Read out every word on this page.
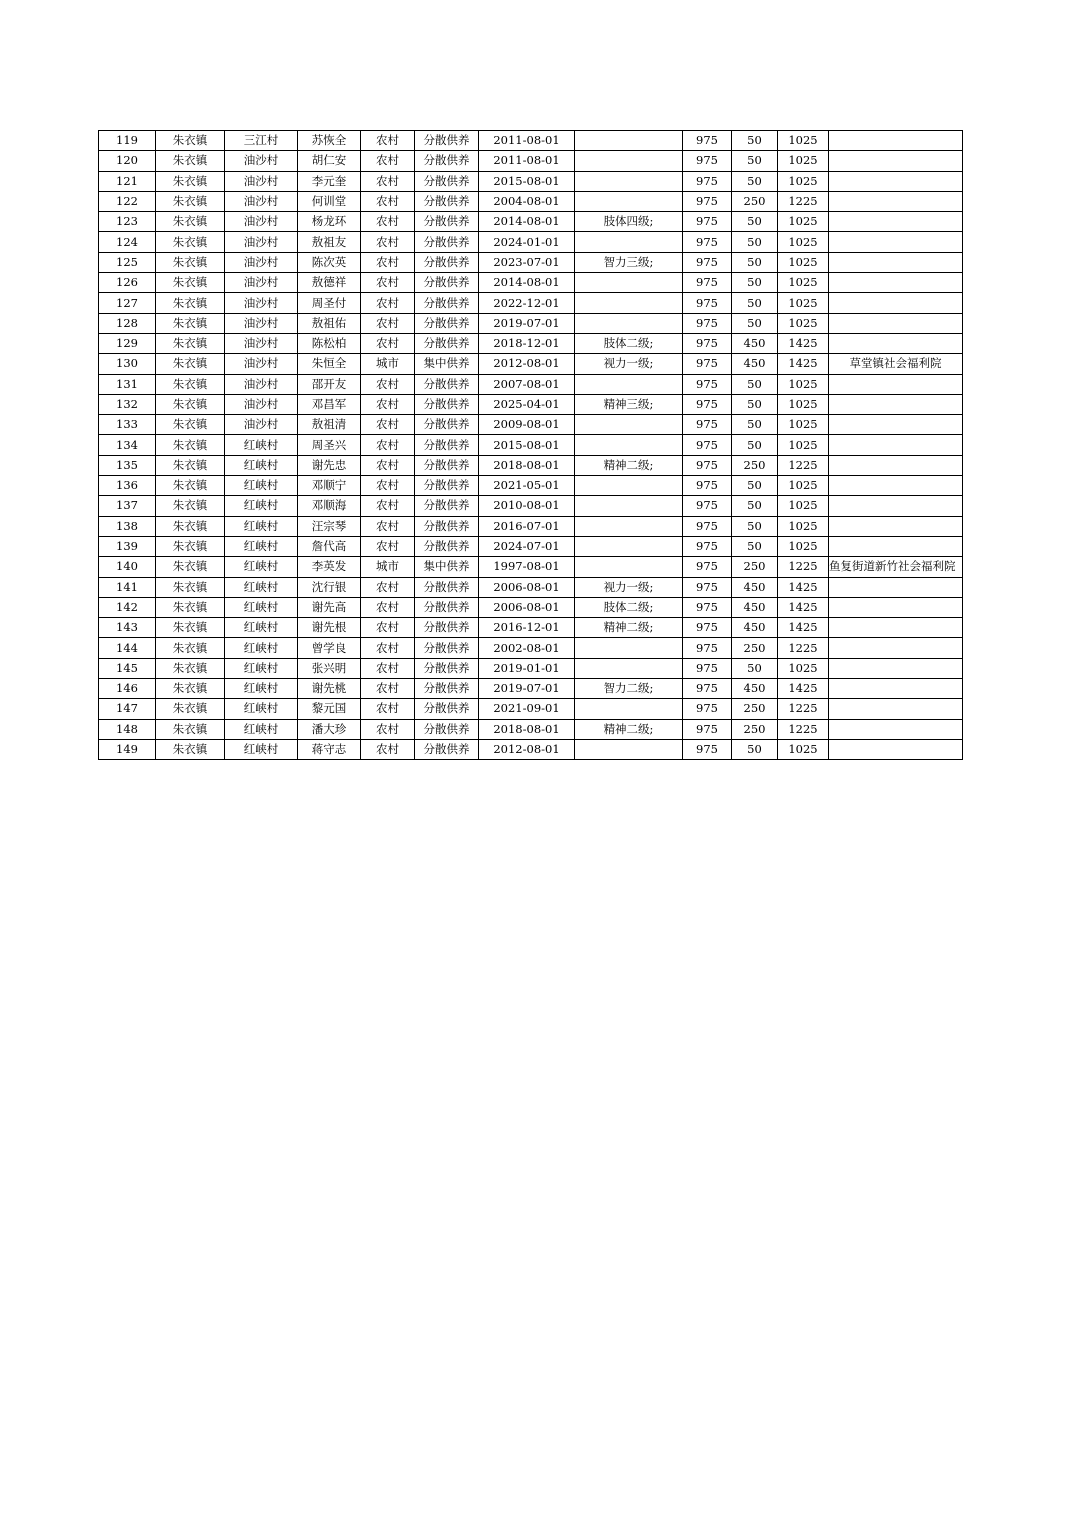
119	朱衣镇	三江村	苏恢全	农村	分散供养	2011-08-01		975	50	1025	
120	朱衣镇	油沙村	胡仁安	农村	分散供养	2011-08-01		975	50	1025	
121	朱衣镇	油沙村	李元奎	农村	分散供养	2015-08-01		975	50	1025	
122	朱衣镇	油沙村	何训堂	农村	分散供养	2004-08-01		975	250	1225	
123	朱衣镇	油沙村	杨龙环	农村	分散供养	2014-08-01	肢体四级;	975	50	1025	
124	朱衣镇	油沙村	敖祖友	农村	分散供养	2024-01-01		975	50	1025	
125	朱衣镇	油沙村	陈次英	农村	分散供养	2023-07-01	智力三级;	975	50	1025	
126	朱衣镇	油沙村	敖德祥	农村	分散供养	2014-08-01		975	50	1025	
127	朱衣镇	油沙村	周圣付	农村	分散供养	2022-12-01		975	50	1025	
128	朱衣镇	油沙村	敖祖佑	农村	分散供养	2019-07-01		975	50	1025	
129	朱衣镇	油沙村	陈松柏	农村	分散供养	2018-12-01	肢体二级;	975	450	1425	
130	朱衣镇	油沙村	朱恒全	城市	集中供养	2012-08-01	视力一级;	975	450	1425	草堂镇社会福利院
131	朱衣镇	油沙村	邵开友	农村	分散供养	2007-08-01		975	50	1025	
132	朱衣镇	油沙村	邓昌军	农村	分散供养	2025-04-01	精神三级;	975	50	1025	
133	朱衣镇	油沙村	敖祖清	农村	分散供养	2009-08-01		975	50	1025	
134	朱衣镇	红峡村	周圣兴	农村	分散供养	2015-08-01		975	50	1025	
135	朱衣镇	红峡村	谢先忠	农村	分散供养	2018-08-01	精神二级;	975	250	1225	
136	朱衣镇	红峡村	邓顺宁	农村	分散供养	2021-05-01		975	50	1025	
137	朱衣镇	红峡村	邓顺海	农村	分散供养	2010-08-01		975	50	1025	
138	朱衣镇	红峡村	汪宗琴	农村	分散供养	2016-07-01		975	50	1025	
139	朱衣镇	红峡村	詹代高	农村	分散供养	2024-07-01		975	50	1025	
140	朱衣镇	红峡村	李英发	城市	集中供养	1997-08-01		975	250	1225	鱼复街道新竹社会福利院
141	朱衣镇	红峡村	沈行银	农村	分散供养	2006-08-01	视力一级;	975	450	1425	
142	朱衣镇	红峡村	谢先高	农村	分散供养	2006-08-01	肢体二级;	975	450	1425	
143	朱衣镇	红峡村	谢先根	农村	分散供养	2016-12-01	精神二级;	975	450	1425	
144	朱衣镇	红峡村	曾学良	农村	分散供养	2002-08-01		975	250	1225	
145	朱衣镇	红峡村	张兴明	农村	分散供养	2019-01-01		975	50	1025	
146	朱衣镇	红峡村	谢先桃	农村	分散供养	2019-07-01	智力二级;	975	450	1425	
147	朱衣镇	红峡村	黎元国	农村	分散供养	2021-09-01		975	250	1225	
148	朱衣镇	红峡村	潘大珍	农村	分散供养	2018-08-01	精神二级;	975	250	1225	
149	朱衣镇	红峡村	蒋守志	农村	分散供养	2012-08-01		975	50	1025	
